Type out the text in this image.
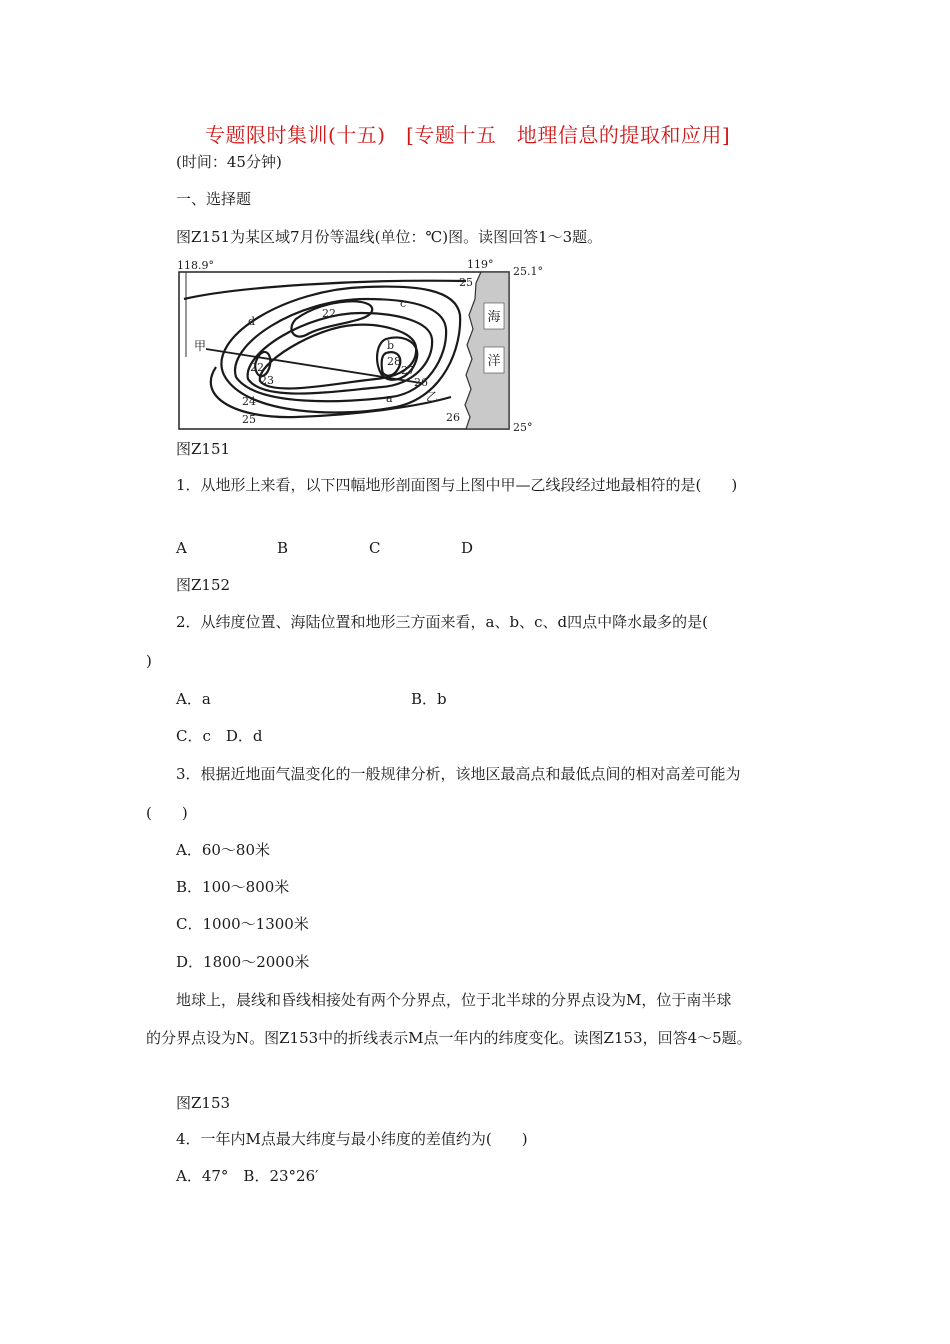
专题限时集训(十五)　[专题十五　地理信息的提取和应用]
(时间：45分钟)
一、选择题
图Z151为某区域7月份等温线(单位：℃)图。读图回答1～3题。
海
洋
118.9°	119°
25.1°
25°
25
22
22
23
24
25
28
27
26
26
c
d
b
a
甲
乙
图Z151
1．从地形上来看，以下四幅地形剖面图与上图中甲—乙线段经过地最相符的是(　　)
A	B	C	D
图Z152
2．从纬度位置、海陆位置和地形三方面来看，a、b、c、d四点中降水最多的是(
)
A．a	B．b
C．c　D．d
3．根据近地面气温变化的一般规律分析，该地区最高点和最低点间的相对高差可能为
(　　)
A．60～80米
B．100～800米
C．1000～1300米
D．1800～2000米
地球上，晨线和昏线相接处有两个分界点，位于北半球的分界点设为M，位于南半球
的分界点设为N。图Z153中的折线表示M点一年内的纬度变化。读图Z153，回答4～5题。
图Z153
4．一年内M点最大纬度与最小纬度的差值约为(　　)
A．47°　B．23°26′
